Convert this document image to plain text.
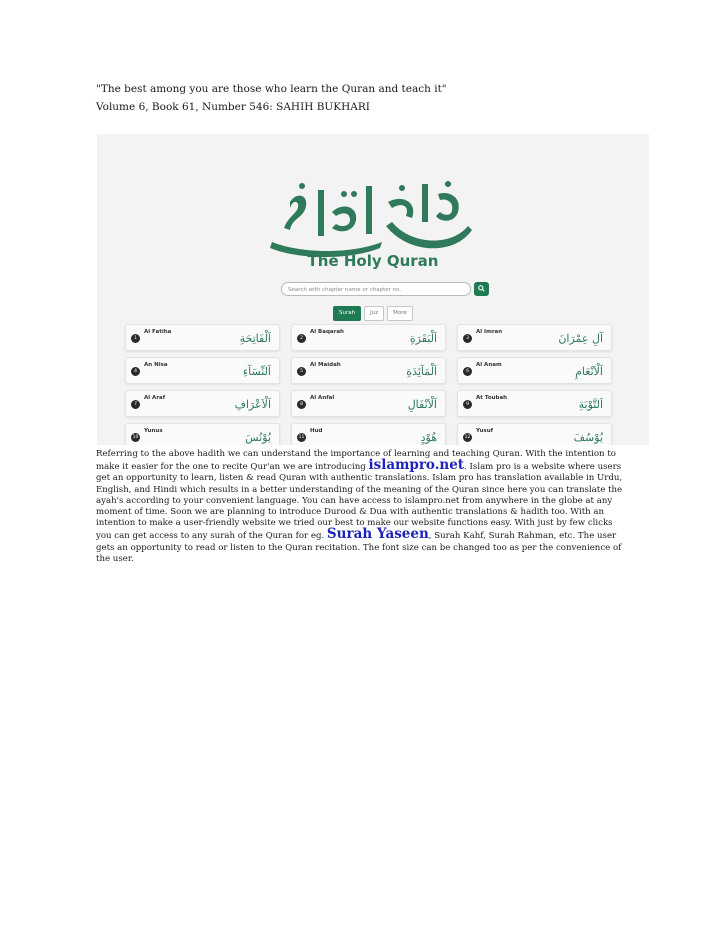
"The best among you are those who learn the Quran and teach it"
Volume 6, Book 61, Number 546: SAHIH BUKHARI
The Holy Quran
Search with chapter name or chapter no.
Surah	Juz	More
1
Al Fatiha	اَلْفَاتِحَةِ	2
Al Baqarah	اَلْبَقَرَةِ	3
Al Imran	آلِ عِمْرَانَ
4
An Nisa	اَلنِّسَآءِ	5
Al Maidah	اَلْمَآئِدَةِ	6
Al Anam	اَلْاَنْعَامِ
7
Al Araf	اَلْاَعْرَافِ	8
Al Anfal	اَلْاَنْفَالِ	9
At Toubah	اَلتَّوْبَةِ
10
Yunus	يُوْنُسَ	11
Hud	هُوْدٍ	12
Yusuf	يُوْسُفَ
Referring to the above hadith we can understand the importance of learning and teaching Quran. With the intention to make it easier for the one to recite Qur'an we are introducing islampro.net. Islam pro is a website where users get an opportunity to learn, listen & read Quran with authentic translations. Islam pro has translation available in Urdu, English, and Hindi which results in a better understanding of the meaning of the Quran since here you can translate the ayah's according to your convenient language. You can have access to islampro.net from anywhere in the globe at any moment of time. Soon we are planning to introduce Durood & Dua with authentic translations & hadith too. With an intention to make a user-friendly website we tried our best to make our website functions easy. With just by few clicks you can get access to any surah of the Quran for eg. Surah Yaseen, Surah Kahf, Surah Rahman, etc. The user gets an opportunity to read or listen to the Quran recitation. The font size can be changed too as per the convenience of the user.
